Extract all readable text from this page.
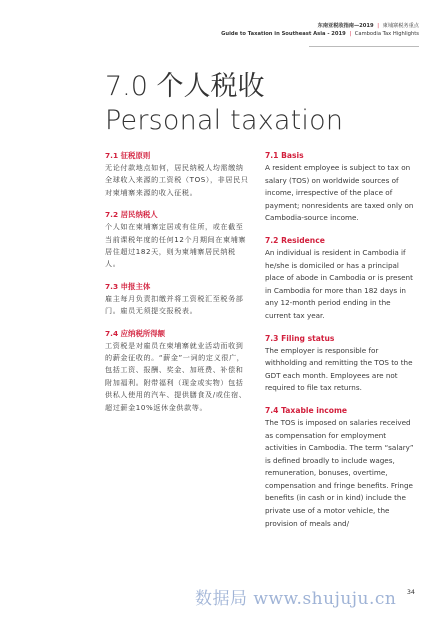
东南亚税收指南—2019 | 柬埔寨税务重点
Guide to Taxation in Southeast Asia - 2019 | Cambodia Tax Highlights
7.0 个人税收
Personal taxation
7.1 征税原则
无论付款地点如何，居民纳税人均需缴纳全球收入来源的工资税（TOS），非居民只对柬埔寨来源的收入征税。
7.2 居民纳税人
个人如在柬埔寨定居或有住所，或在截至当前课税年度的任何12个月期间在柬埔寨居住超过182天，则为柬埔寨居民纳税人。
7.3 申报主体
雇主每月负责扣缴并将工资税汇至税务部门。雇员无须提交报税表。
7.4 应纳税所得额
工资税是对雇员在柬埔寨就业活动而收到的薪金征收的。“薪金”一词的定义很广，包括工资、报酬、奖金、加班费、补偿和附加福利。附带福利（现金或实物）包括供私人使用的汽车、提供膳食及/或住宿、超过薪金10%返休金供款等。
7.1 Basis
A resident employee is subject to tax on salary (TOS) on worldwide sources of income, irrespective of the place of payment; nonresidents are taxed only on Cambodia-source income.
7.2 Residence
An individual is resident in Cambodia if he/she is domiciled or has a principal place of abode in Cambodia or is present in Cambodia for more than 182 days in any 12-month period ending in the current tax year.
7.3 Filing status
The employer is responsible for withholding and remitting the TOS to the GDT each month. Employees are not required to file tax returns.
7.4 Taxable income
The TOS is imposed on salaries received as compensation for employment activities in Cambodia. The term “salary” is defined broadly to include wages, remuneration, bonuses, overtime, compensation and fringe benefits. Fringe benefits (in cash or in kind) include the private use of a motor vehicle, the provision of meals and/
数据局 www.shujuju.cn 34
